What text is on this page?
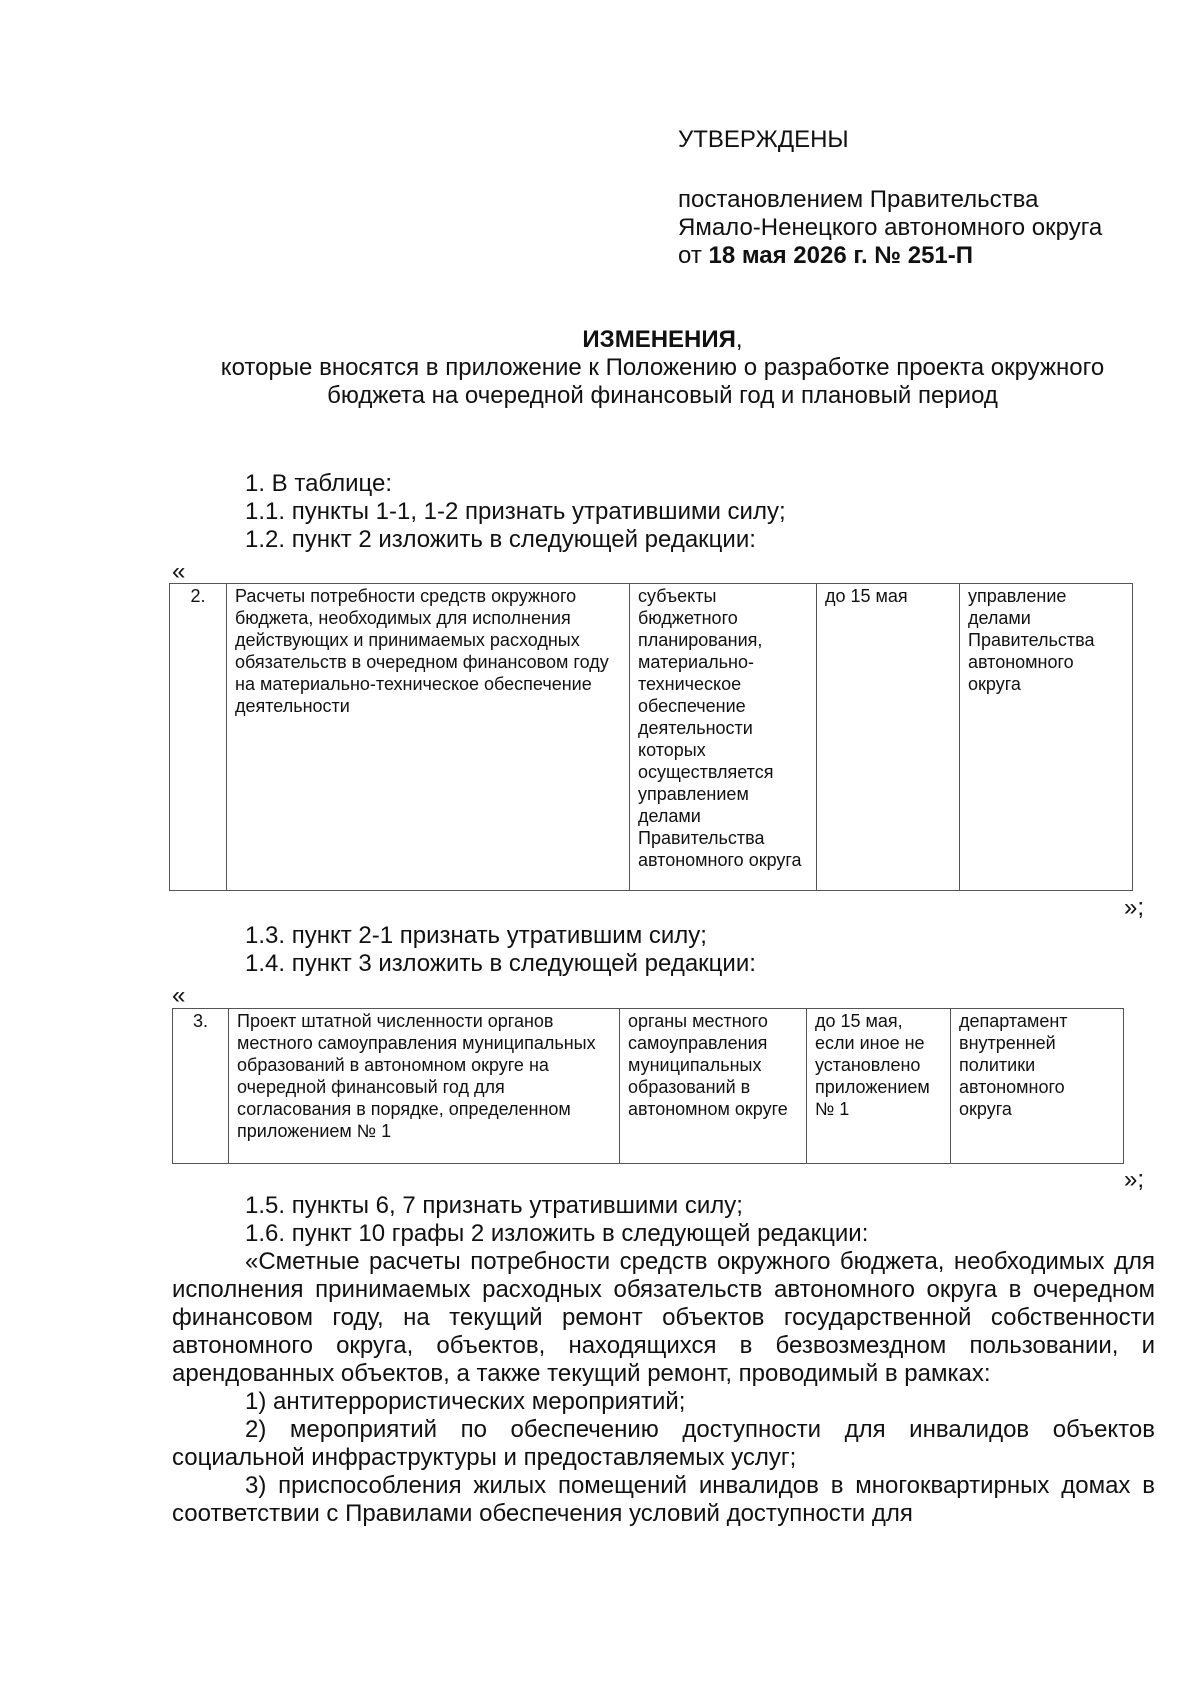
УТВЕРЖДЕНЫ
постановлением Правительства
Ямало-Ненецкого автономного округа
от 18 мая 2026 г. № 251-П
ИЗМЕНЕНИЯ,
которые вносятся в приложение к Положению о разработке проекта окружного
бюджета на очередной финансовый год и плановый период
1. В таблице:
1.1. пункты 1-1, 1-2 признать утратившими силу;
1.2. пункт 2 изложить в следующей редакции:
«
2.	Расчеты потребности средств окружного бюджета, необходимых для исполнения действующих и принимаемых расходных обязательств в очередном финансовом году на материально-техническое обеспечение деятельности	субъекты бюджетного планирования, материально-техническое обеспечение деятельности которых осуществляется управлением делами Правительства автономного округа	до 15 мая	управление делами Правительства автономного округа
»;
1.3. пункт 2-1 признать утратившим силу;
1.4. пункт 3 изложить в следующей редакции:
«
3.	Проект штатной численности органов местного самоуправления муниципальных образований в автономном округе на очередной финансовый год для согласования в порядке, определенном приложением № 1	органы местного самоуправления муниципальных образований в автономном округе	до 15 мая, если иное не установлено приложением № 1	департамент внутренней политики автономного округа
»;
1.5. пункты 6, 7 признать утратившими силу;
1.6. пункт 10 графы 2 изложить в следующей редакции:
«Сметные расчеты потребности средств окружного бюджета, необходимых для исполнения принимаемых расходных обязательств автономного округа в очередном финансовом году, на текущий ремонт объектов государственной собственности автономного округа, объектов, находящихся в безвозмездном пользовании, и арендованных объектов, а также текущий ремонт, проводимый в рамках:
1) антитеррористических мероприятий;
2) мероприятий по обеспечению доступности для инвалидов объектов социальной инфраструктуры и предоставляемых услуг;
3) приспособления жилых помещений инвалидов в многоквартирных домах в соответствии с Правилами обеспечения условий доступности для
